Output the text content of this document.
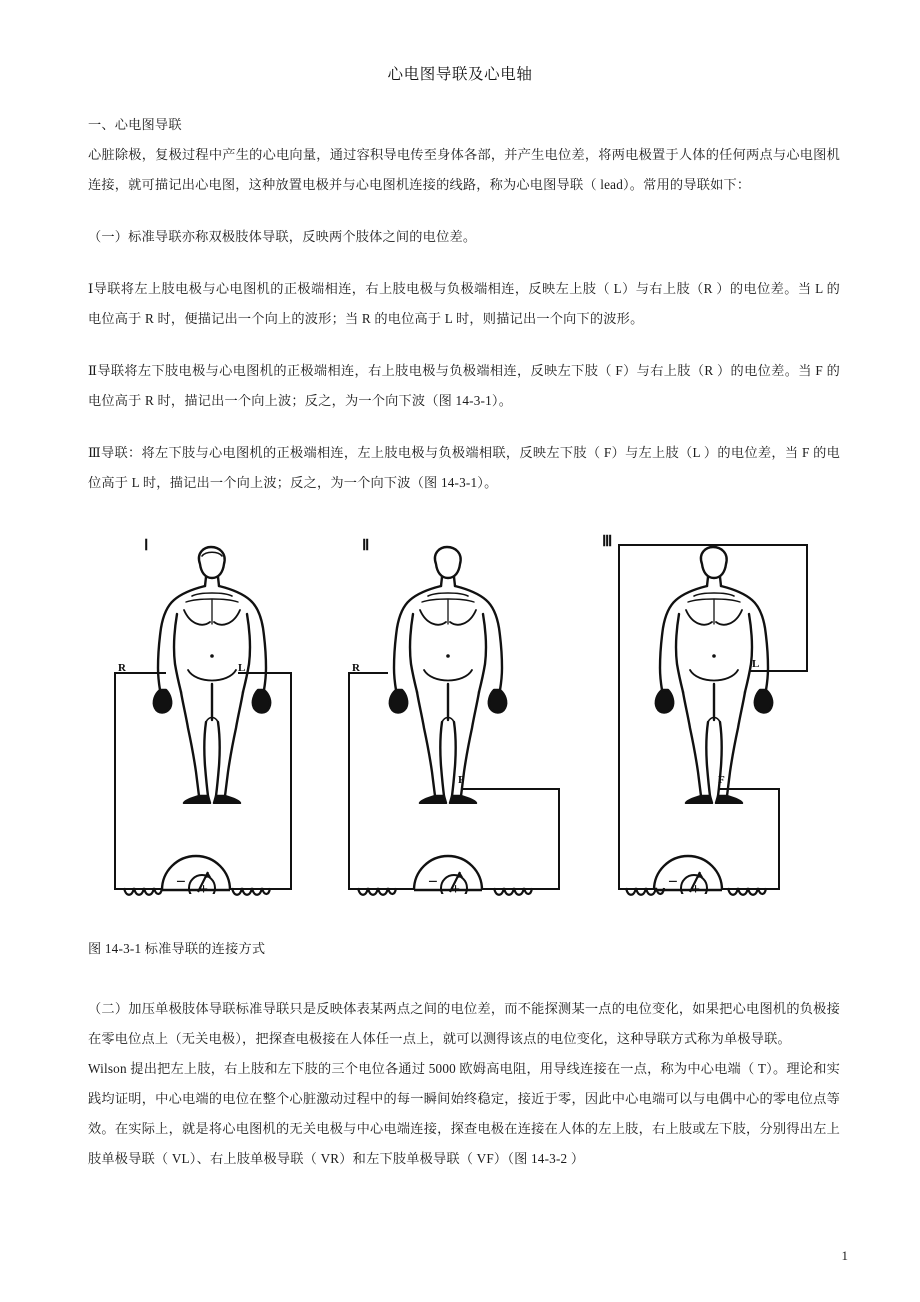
心电图导联及心电轴

一、心电图导联

心脏除极，复极过程中产生的心电向量，通过容积导电传至身体各部，并产生电位差，将两电极置于人体的任何两点与心电图机连接，就可描记出心电图，这种放置电极并与心电图机连接的线路，称为心电图导联（ lead）。常用的导联如下：

（一）标准导联亦称双极肢体导联，反映两个肢体之间的电位差。

Ⅰ导联将左上肢电极与心电图机的正极端相连，右上肢电极与负极端相连，反映左上肢（ L）与右上肢（R ）的电位差。当 L 的电位高于 R 时，便描记出一个向上的波形；当 R 的电位高于 L 时，则描记出一个向下的波形。

Ⅱ导联将左下肢电极与心电图机的正极端相连，右上肢电极与负极端相连，反映左下肢（ F）与右上肢（R ）的电位差。当 F 的电位高于 R 时，描记出一个向上波；反之，为一个向下波（图 14-3-1）。

Ⅲ导联：将左下肢与心电图机的正极端相连，左上肢电极与负极端相联，反映左下肢（ F）与左上肢（L ）的电位差，当 F 的电位高于 L 时，描记出一个向上波；反之，为一个向下波（图 14-3-1）。

Ⅰ
R	L
− +
Ⅱ
R
F
− +
Ⅲ
L
F
− +
图 14-3-1 标准导联的连接方式

（二）加压单极肢体导联标准导联只是反映体表某两点之间的电位差，而不能探测某一点的电位变化，如果把心电图机的负极接在零电位点上（无关电极），把探查电极接在人体任一点上，就可以测得该点的电位变化，这种导联方式称为单极导联。

Wilson 提出把左上肢，右上肢和左下肢的三个电位各通过 5000 欧姆高电阻，用导线连接在一点，称为中心电端（ T）。理论和实践均证明，中心电端的电位在整个心脏激动过程中的每一瞬间始终稳定，接近于零，因此中心电端可以与电偶中心的零电位点等效。在实际上，就是将心电图机的无关电极与中心电端连接，探查电极在连接在人体的左上肢，右上肢或左下肢，分别得出左上肢单极导联（ VL）、右上肢单极导联（ VR）和左下肢单极导联（ VF）（图 14-3-2 ）

1
